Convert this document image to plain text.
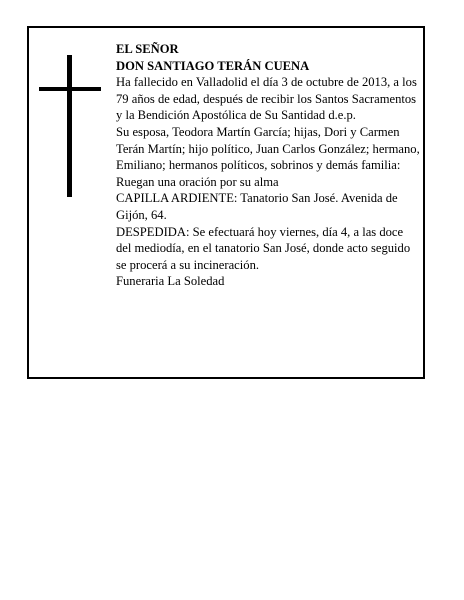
EL SEÑOR

DON SANTIAGO TERÁN CUENA

Ha fallecido en Valladolid el día 3 de octubre de 2013, a los 79 años de edad, después de recibir los Santos Sacramentos y la Bendición Apostólica de Su Santidad d.e.p.

Su esposa, Teodora Martín García; hijas, Dori y Carmen Terán Martín; hijo político, Juan Carlos González; hermano, Emiliano; hermanos políticos, sobrinos y demás familia:

Ruegan una oración por su alma

CAPILLA ARDIENTE: Tanatorio San José. Avenida de Gijón, 64.

DESPEDIDA: Se efectuará hoy viernes, día 4, a las doce del mediodía, en el tanatorio San José, donde acto seguido se procerá a su incineración.

Funeraria La Soledad
